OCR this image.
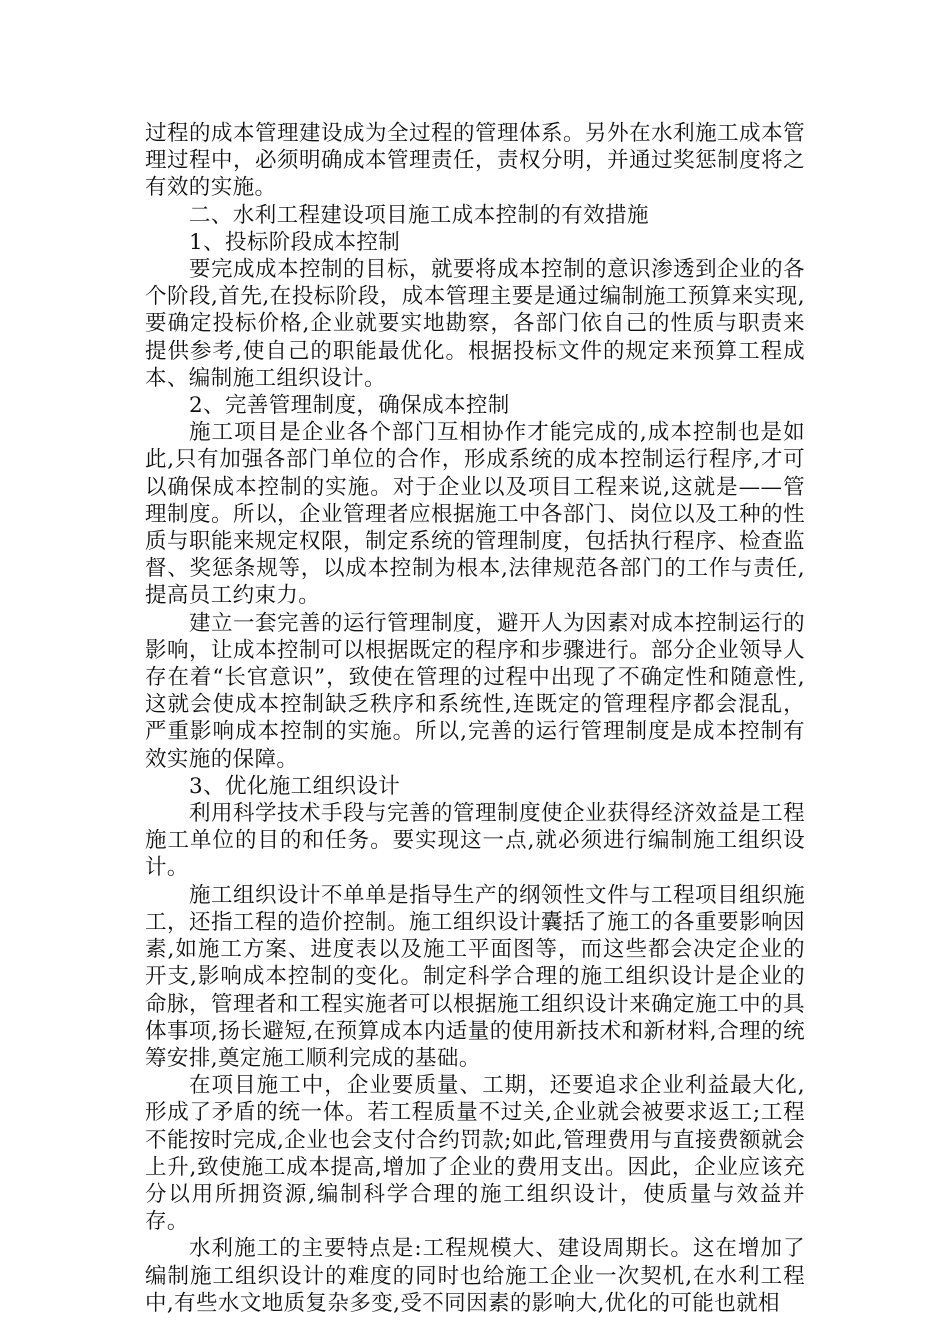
过程的成本管理建设成为全过程的管理体系。另外在水利施工成本管理过程中，必须明确成本管理责任，责权分明，并通过奖惩制度将之有效的实施。

二、水利工程建设项目施工成本控制的有效措施

1、投标阶段成本控制

要完成成本控制的目标，就要将成本控制的意识渗透到企业的各个阶段,首先,在投标阶段，成本管理主要是通过编制施工预算来实现,要确定投标价格,企业就要实地勘察，各部门依自己的性质与职责来提供参考,使自己的职能最优化。根据投标文件的规定来预算工程成本、编制施工组织设计。

2、完善管理制度，确保成本控制

施工项目是企业各个部门互相协作才能完成的,成本控制也是如此,只有加强各部门单位的合作，形成系统的成本控制运行程序,才可以确保成本控制的实施。对于企业以及项目工程来说,这就是——管理制度。所以，企业管理者应根据施工中各部门、岗位以及工种的性质与职能来规定权限，制定系统的管理制度，包括执行程序、检查监督、奖惩条规等，以成本控制为根本,法律规范各部门的工作与责任,提高员工约束力。

建立一套完善的运行管理制度，避开人为因素对成本控制运行的影响，让成本控制可以根据既定的程序和步骤进行。部分企业领导人存在着“长官意识”，致使在管理的过程中出现了不确定性和随意性,这就会使成本控制缺乏秩序和系统性,连既定的管理程序都会混乱，严重影响成本控制的实施。所以,完善的运行管理制度是成本控制有效实施的保障。

3、优化施工组织设计

利用科学技术手段与完善的管理制度使企业获得经济效益是工程施工单位的目的和任务。要实现这一点,就必须进行编制施工组织设计。

施工组织设计不单单是指导生产的纲领性文件与工程项目组织施工，还指工程的造价控制。施工组织设计囊括了施工的各重要影响因素,如施工方案、进度表以及施工平面图等，而这些都会决定企业的开支,影响成本控制的变化。制定科学合理的施工组织设计是企业的命脉，管理者和工程实施者可以根据施工组织设计来确定施工中的具体事项,扬长避短,在预算成本内适量的使用新技术和新材料,合理的统筹安排,奠定施工顺利完成的基础。

在项目施工中，企业要质量、工期，还要追求企业利益最大化,形成了矛盾的统一体。若工程质量不过关,企业就会被要求返工;工程不能按时完成,企业也会支付合约罚款;如此,管理费用与直接费额就会上升,致使施工成本提高,增加了企业的费用支出。因此，企业应该充分以用所拥资源,编制科学合理的施工组织设计，使质量与效益并存。

水利施工的主要特点是:工程规模大、建设周期长。这在增加了编制施工组织设计的难度的同时也给施工企业一次契机,在水利工程中,有些水文地质复杂多变,受不同因素的影响大,优化的可能也就相
